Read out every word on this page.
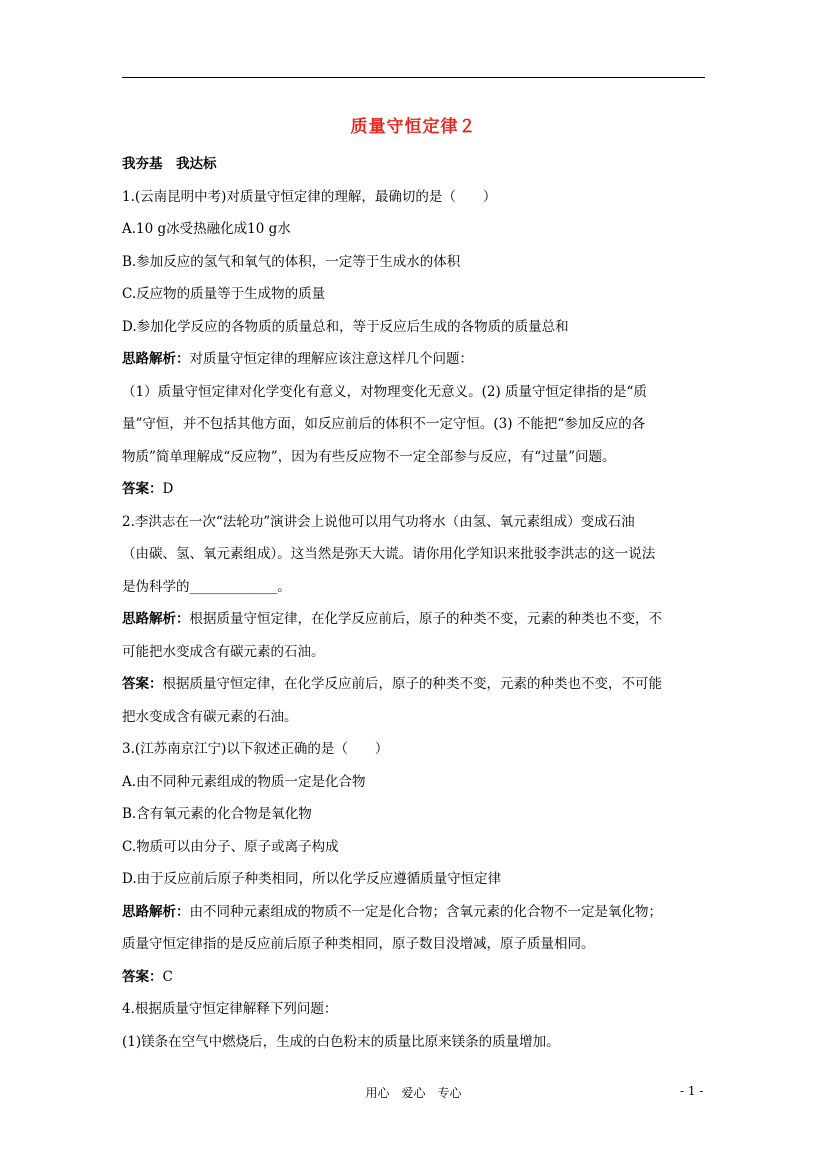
质量守恒定律２

我夯基　我达标

1.(云南昆明中考)对质量守恒定律的理解，最确切的是（　　）

A.10 g冰受热融化成10 g水

B.参加反应的氢气和氧气的体积，一定等于生成水的体积

C.反应物的质量等于生成物的质量

D.参加化学反应的各物质的质量总和，等于反应后生成的各物质的质量总和

思路解析：对质量守恒定律的理解应该注意这样几个问题：

（1）质量守恒定律对化学变化有意义，对物理变化无意义。(2) 质量守恒定律指的是“质

量”守恒，并不包括其他方面，如反应前后的体积不一定守恒。(3) 不能把“参加反应的各

物质”简单理解成“反应物”，因为有些反应物不一定全部参与反应，有“过量”问题。

答案：D

2.李洪志在一次“法轮功”演讲会上说他可以用气功将水（由氢、氧元素组成）变成石油

（由碳、氢、氧元素组成）。这当然是弥天大谎。请你用化学知识来批驳李洪志的这一说法

是伪科学的_____________。

思路解析：根据质量守恒定律，在化学反应前后，原子的种类不变，元素的种类也不变，不

可能把水变成含有碳元素的石油。

答案：根据质量守恒定律，在化学反应前后，原子的种类不变，元素的种类也不变，不可能

把水变成含有碳元素的石油。

3.(江苏南京江宁)以下叙述正确的是（　　）

A.由不同种元素组成的物质一定是化合物

B.含有氧元素的化合物是氧化物

C.物质可以由分子、原子或离子构成

D.由于反应前后原子种类相同，所以化学反应遵循质量守恒定律

思路解析：由不同种元素组成的物质不一定是化合物；含氧元素的化合物不一定是氧化物；

质量守恒定律指的是反应前后原子种类相同，原子数目没增减，原子质量相同。

答案：C

4.根据质量守恒定律解释下列问题：

(1)镁条在空气中燃烧后，生成的白色粉末的质量比原来镁条的质量增加。

用心　爱心　专心	- 1 -
